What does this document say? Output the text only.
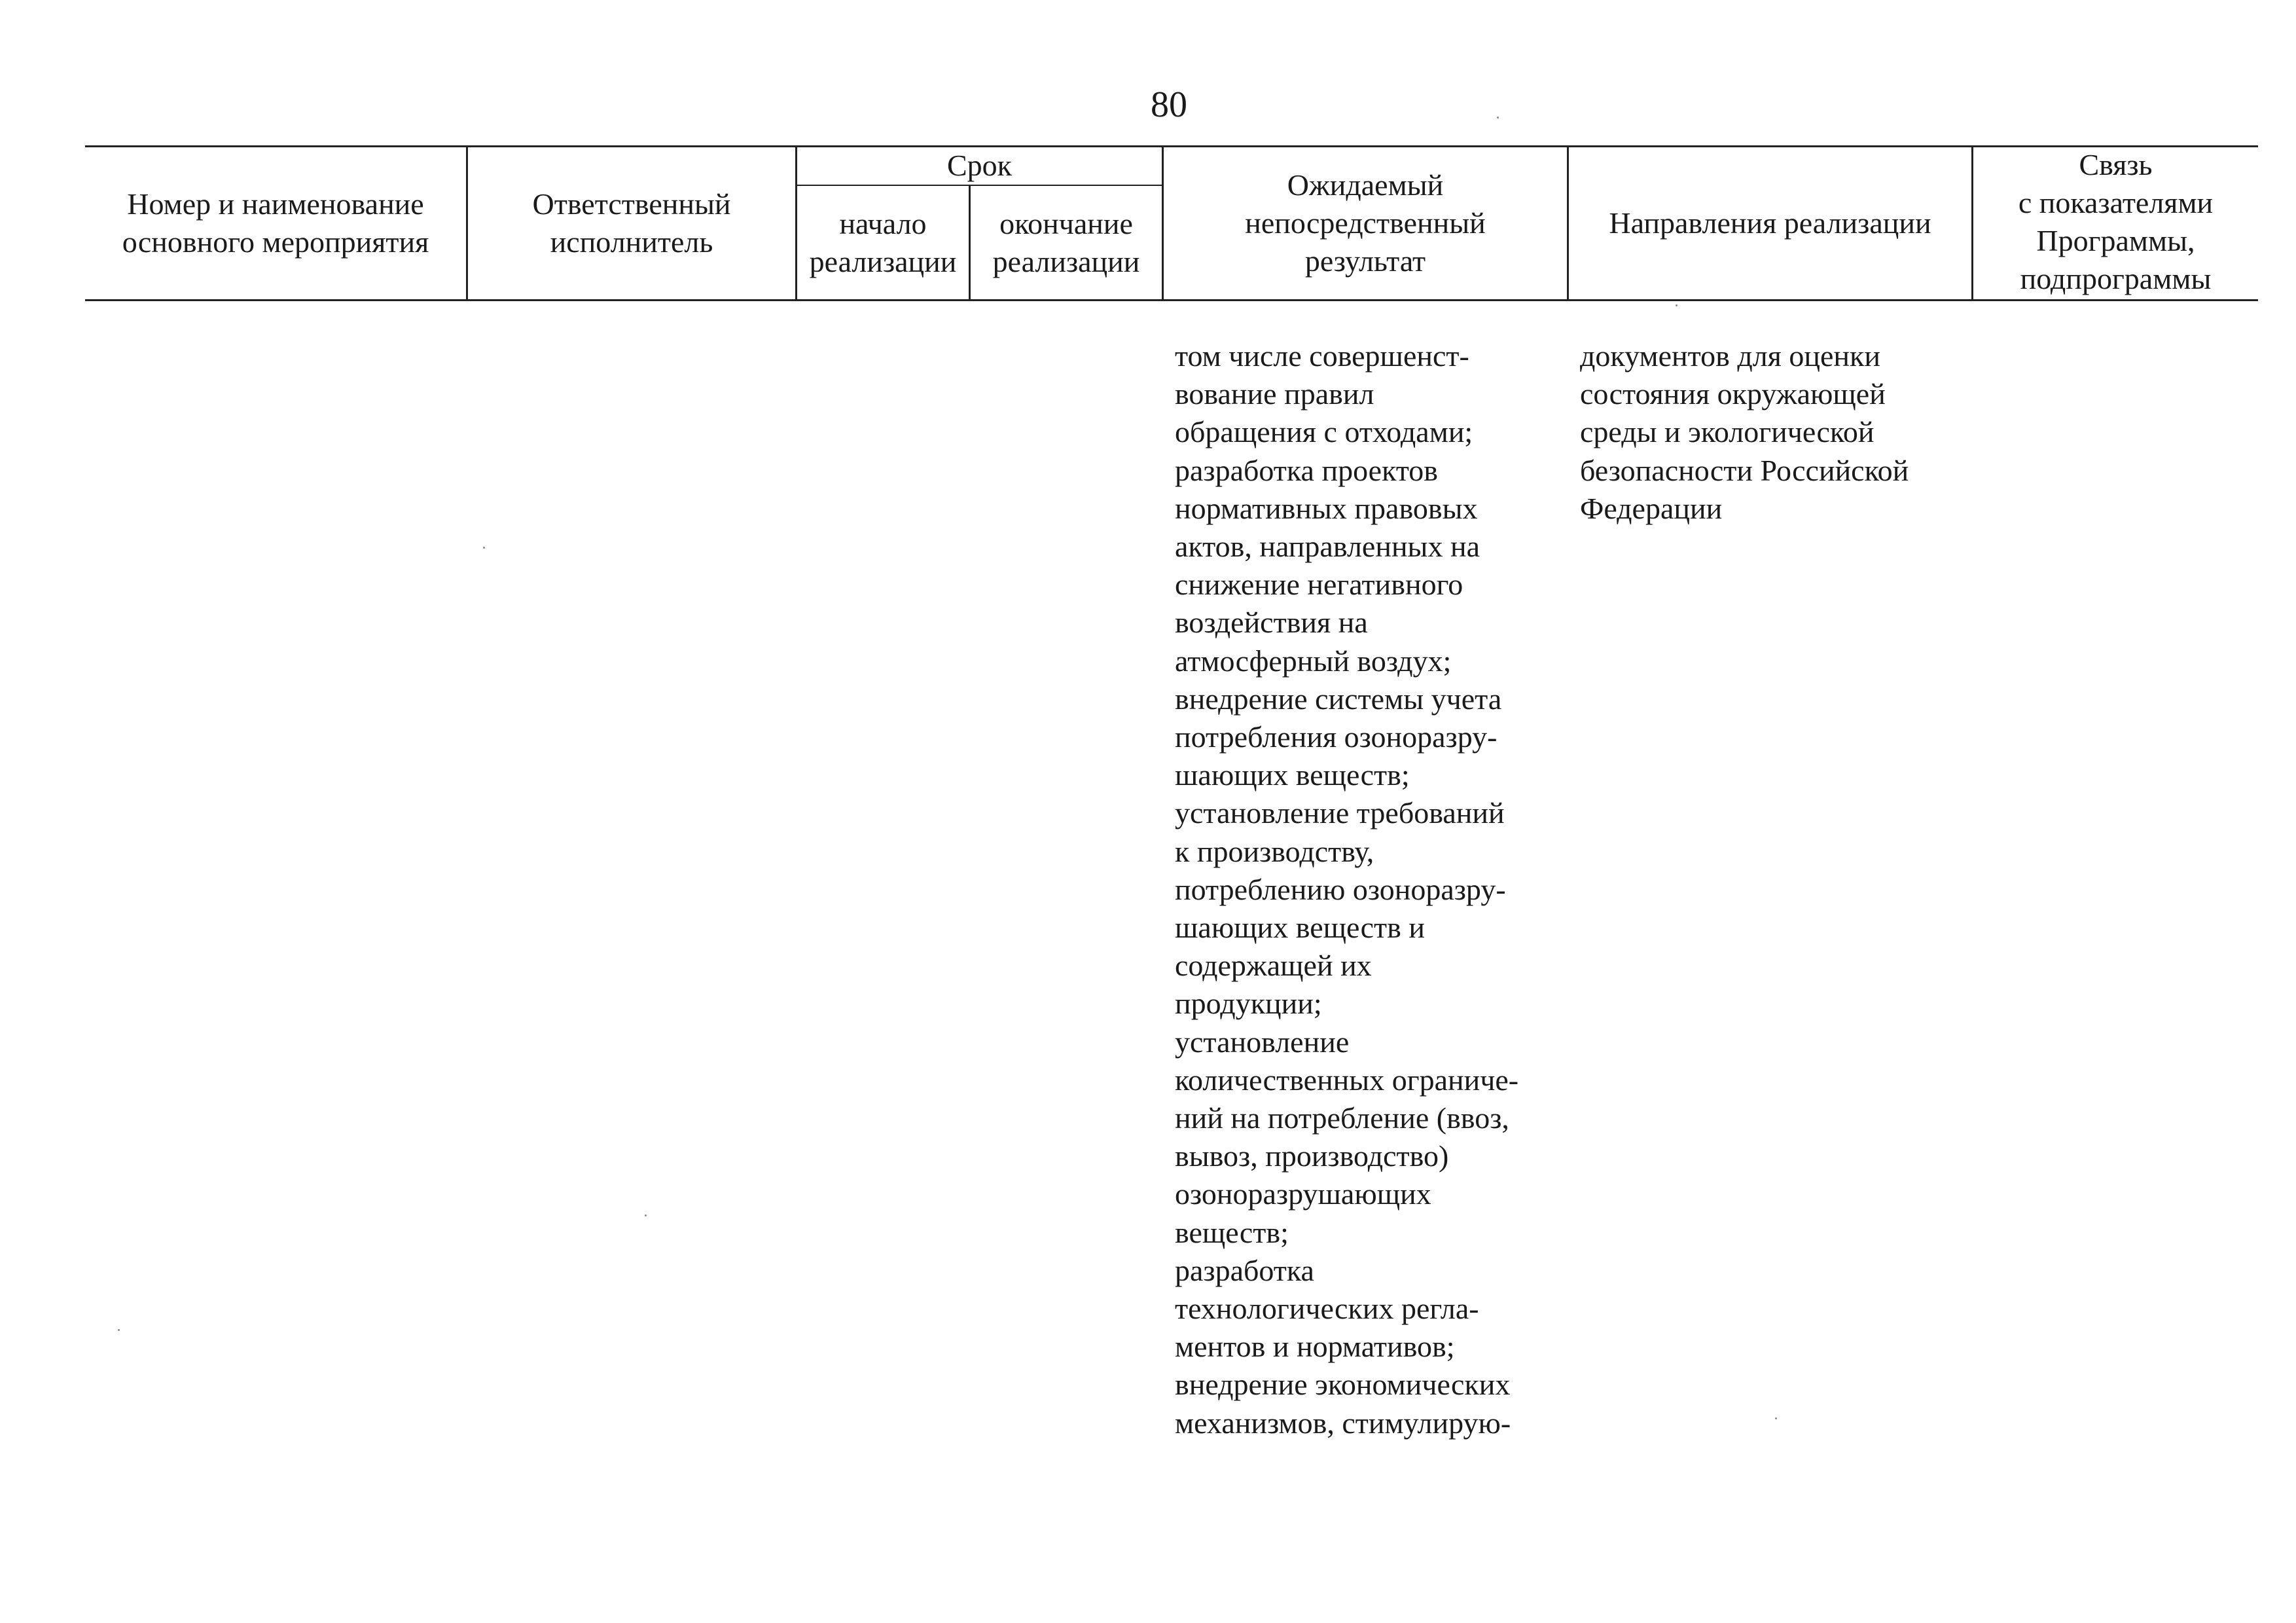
80
Номер и наименование
основного мероприятия
Ответственный
исполнитель
Срок
начало
реализации
окончание
реализации
Ожидаемый
непосредственный
результат
Направления реализации
Связь
с показателями
Программы,
подпрограммы
том числе совершенст-
вование правил
обращения с отходами;
разработка проектов
нормативных правовых
актов, направленных на
снижение негативного
воздействия на
атмосферный воздух;
внедрение системы учета
потребления озоноразру-
шающих веществ;
установление требований
к производству,
потреблению озоноразру-
шающих веществ и
содержащей их
продукции;
установление
количественных ограниче-
ний на потребление (ввоз,
вывоз, производство)
озоноразрушающих
веществ;
разработка
технологических регла-
ментов и нормативов;
внедрение экономических
механизмов, стимулирую-
документов для оценки
состояния окружающей
среды и экологической
безопасности Российской
Федерации
